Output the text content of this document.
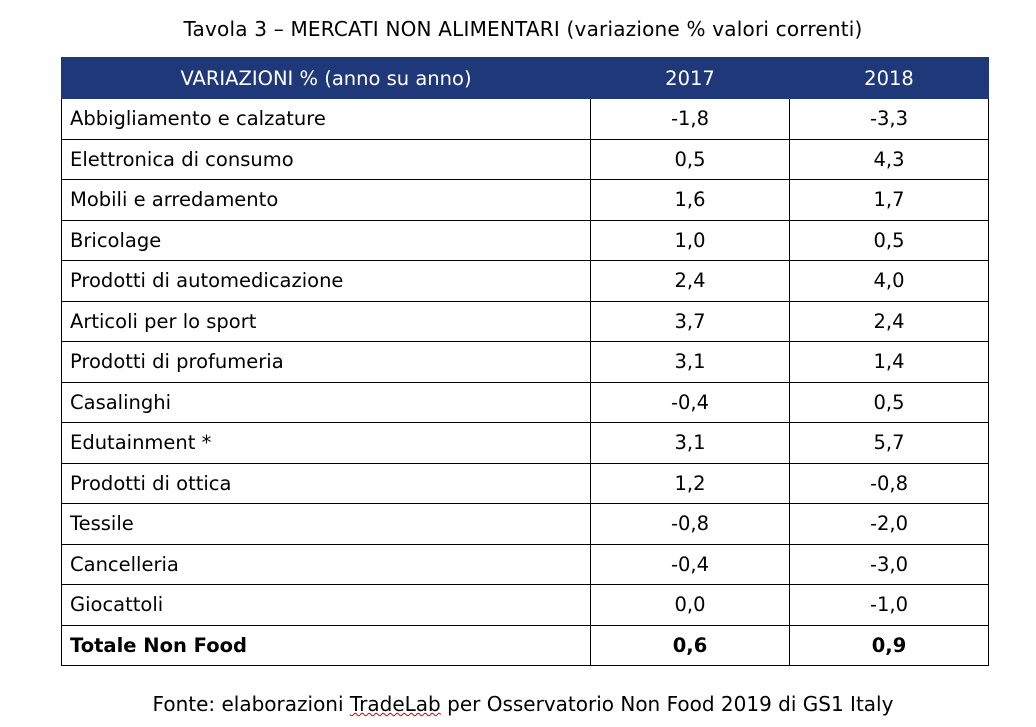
Tavola 3 – MERCATI NON ALIMENTARI (variazione % valori correnti)
VARIAZIONI % (anno su anno)	2017	2018
Abbigliamento e calzature	-1,8	-3,3
Elettronica di consumo	0,5	4,3
Mobili e arredamento	1,6	1,7
Bricolage	1,0	0,5
Prodotti di automedicazione	2,4	4,0
Articoli per lo sport	3,7	2,4
Prodotti di profumeria	3,1	1,4
Casalinghi	-0,4	0,5
Edutainment *	3,1	5,7
Prodotti di ottica	1,2	-0,8
Tessile	-0,8	-2,0
Cancelleria	-0,4	-3,0
Giocattoli	0,0	-1,0
Totale Non Food	0,6	0,9
Fonte: elaborazioni TradeLab per Osservatorio Non Food 2019 di GS1 Italy
